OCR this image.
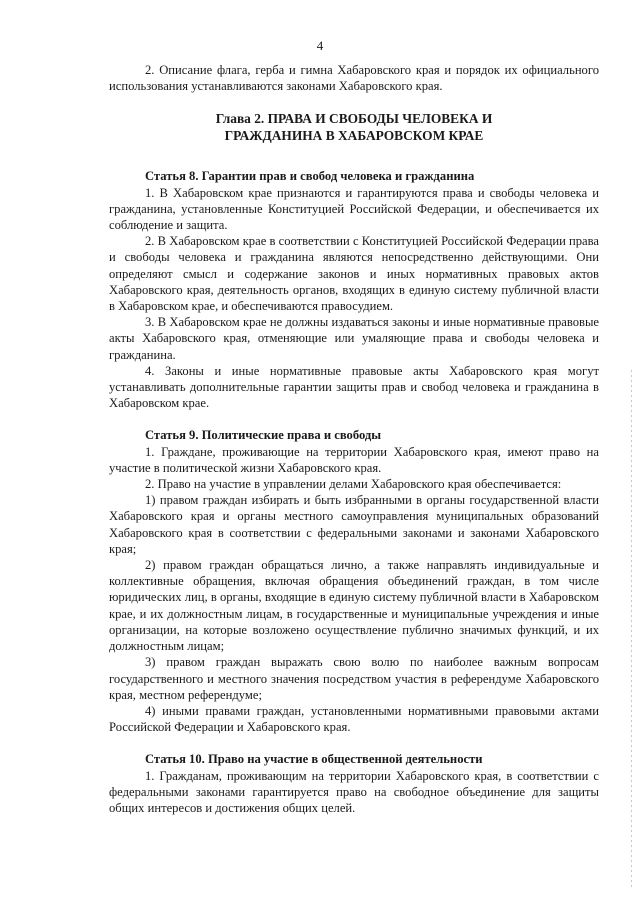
4

2. Описание флага, герба и гимна Хабаровского края и порядок их официального использования устанавливаются законами Хабаровского края.

Глава 2. ПРАВА И СВОБОДЫ ЧЕЛОВЕКА И
ГРАЖДАНИНА В ХАБАРОВСКОМ КРАЕ
Статья 8. Гарантии прав и свобод человека и гражданина

1. В Хабаровском крае признаются и гарантируются права и свободы человека и гражданина, установленные Конституцией Российской Федерации, и обеспечивается их соблюдение и защита.

2. В Хабаровском крае в соответствии с Конституцией Российской Федерации права и свободы человека и гражданина являются непосредственно действующими. Они определяют смысл и содержание законов и иных нормативных правовых актов Хабаровского края, деятельность органов, входящих в единую систему публичной власти в Хабаровском крае, и обеспечиваются правосудием.

3. В Хабаровском крае не должны издаваться законы и иные нормативные правовые акты Хабаровского края, отменяющие или умаляющие права и свободы человека и гражданина.

4. Законы и иные нормативные правовые акты Хабаровского края могут устанавливать дополнительные гарантии защиты прав и свобод человека и гражданина в Хабаровском крае.

Статья 9. Политические права и свободы

1. Граждане, проживающие на территории Хабаровского края, имеют право на участие в политической жизни Хабаровского края.

2. Право на участие в управлении делами Хабаровского края обеспечивается:

1) правом граждан избирать и быть избранными в органы государственной власти Хабаровского края и органы местного самоуправления муниципальных образований Хабаровского края в соответствии с федеральными законами и законами Хабаровского края;

2) правом граждан обращаться лично, а также направлять индивидуальные и коллективные обращения, включая обращения объединений граждан, в том числе юридических лиц, в органы, входящие в единую систему публичной власти в Хабаровском крае, и их должностным лицам, в государственные и муниципальные учреждения и иные организации, на которые возложено осуществление публично значимых функций, и их должностным лицам;

3) правом граждан выражать свою волю по наиболее важным вопросам государственного и местного значения посредством участия в референдуме Хабаровского края, местном референдуме;

4) иными правами граждан, установленными нормативными правовыми актами Российской Федерации и Хабаровского края.

Статья 10. Право на участие в общественной деятельности

1. Гражданам, проживающим на территории Хабаровского края, в соответствии с федеральными законами гарантируется право на свободное объединение для защиты общих интересов и достижения общих целей.
